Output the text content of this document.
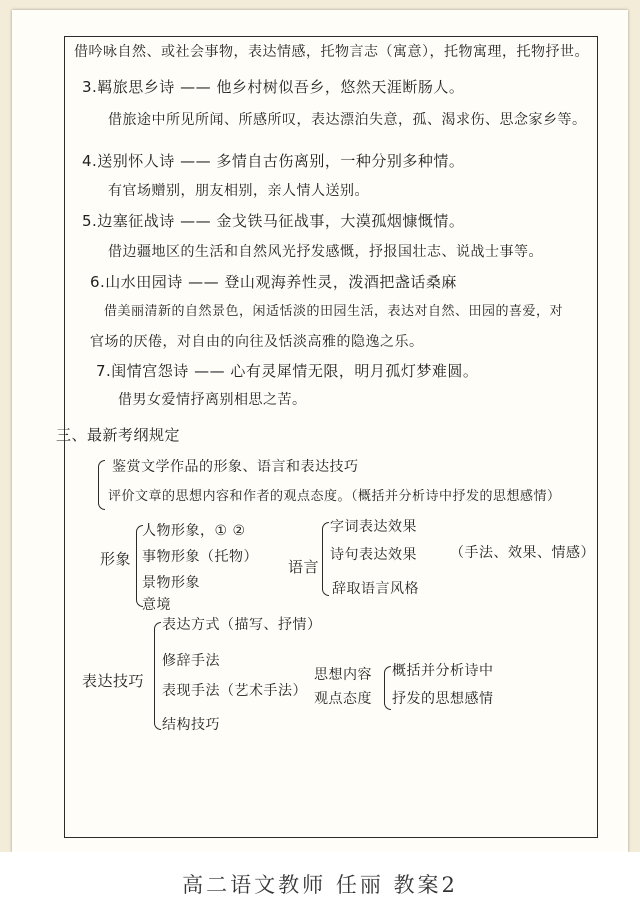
借吟咏自然、或社会事物，表达情感，托物言志（寓意），托物寓理，托物抒世。
3.羁旅思乡诗 —— 他乡村树似吾乡，悠然天涯断肠人。
借旅途中所见所闻、所感所叹，表达漂泊失意，孤、渴求伤、思念家乡等。
4.送别怀人诗 —— 多情自古伤离别，一种分别多种情。
有官场赠别，朋友相别，亲人情人送别。
5.边塞征战诗 —— 金戈铁马征战事，大漠孤烟慷慨情。
借边疆地区的生活和自然风光抒发感慨，抒报国壮志、说战士事等。
6.山水田园诗 —— 登山观海养性灵，泼酒把盏话桑麻
借美丽清新的自然景色，闲适恬淡的田园生活，表达对自然、田园的喜爱，对
官场的厌倦，对自由的向往及恬淡高雅的隐逸之乐。
7.闺情宫怨诗 —— 心有灵犀情无限，明月孤灯梦难圆。
借男女爱情抒离别相思之苦。
三、最新考纲规定
鉴赏文学作品的形象、语言和表达技巧
评价文章的思想内容和作者的观点态度。（概括并分析诗中抒发的思想感情）
形象
人物形象，① ②
事物形象（托物）
景物形象
意境
语言
字词表达效果
诗句表达效果 （手法、效果、情感）
辞取语言风格
表达技巧
表达方式（描写、抒情）
修辞手法
表现手法（艺术手法）
结构技巧
思想内容
观点态度
概括并分析诗中
抒发的思想感情
高二语文教师 任丽 教案2
